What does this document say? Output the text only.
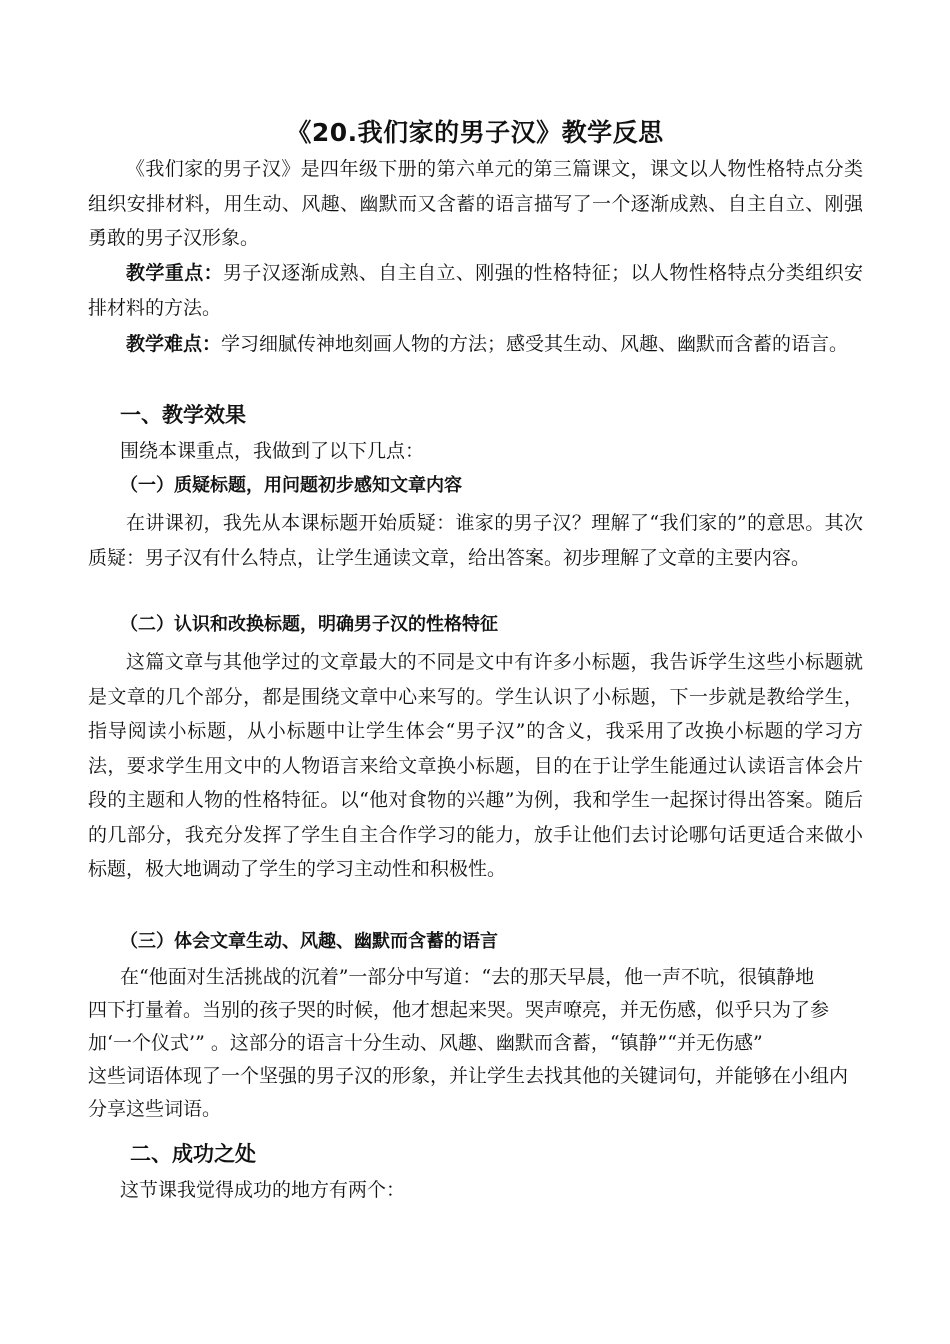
《20.我们家的男子汉》教学反思

《我们家的男子汉》是四年级下册的第六单元的第三篇课文，课文以人物性格特点分类组织安排材料，用生动、风趣、幽默而又含蓄的语言描写了一个逐渐成熟、自主自立、刚强勇敢的男子汉形象。

教学重点：男子汉逐渐成熟、自主自立、刚强的性格特征；以人物性格特点分类组织安排材料的方法。

教学难点：学习细腻传神地刻画人物的方法；感受其生动、风趣、幽默而含蓄的语言。

一、教学效果
围绕本课重点，我做到了以下几点：
（一）质疑标题，用问题初步感知文章内容

在讲课初，我先从本课标题开始质疑：谁家的男子汉？理解了“我们家的”的意思。其次质疑：男子汉有什么特点，让学生通读文章，给出答案。初步理解了文章的主要内容。

（二）认识和改换标题，明确男子汉的性格特征

这篇文章与其他学过的文章最大的不同是文中有许多小标题，我告诉学生这些小标题就是文章的几个部分，都是围绕文章中心来写的。学生认识了小标题，下一步就是教给学生，指导阅读小标题，从小标题中让学生体会“男子汉”的含义，我采用了改换小标题的学习方法，要求学生用文中的人物语言来给文章换小标题，目的在于让学生能通过认读语言体会片段的主题和人物的性格特征。以“他对食物的兴趣”为例，我和学生一起探讨得出答案。随后的几部分，我充分发挥了学生自主合作学习的能力，放手让他们去讨论哪句话更适合来做小标题，极大地调动了学生的学习主动性和积极性。

（三）体会文章生动、风趣、幽默而含蓄的语言
在“他面对生活挑战的沉着”一部分中写道：“去的那天早晨，他一声不吭，很镇静地
四下打量着。当别的孩子哭的时候，他才想起来哭。哭声嘹亮，并无伤感，似乎只为了参
加‘一个仪式’” 。这部分的语言十分生动、风趣、幽默而含蓄，“镇静”“并无伤感”
这些词语体现了一个坚强的男子汉的形象，并让学生去找其他的关键词句，并能够在小组内
分享这些词语。
二、成功之处
这节课我觉得成功的地方有两个：
